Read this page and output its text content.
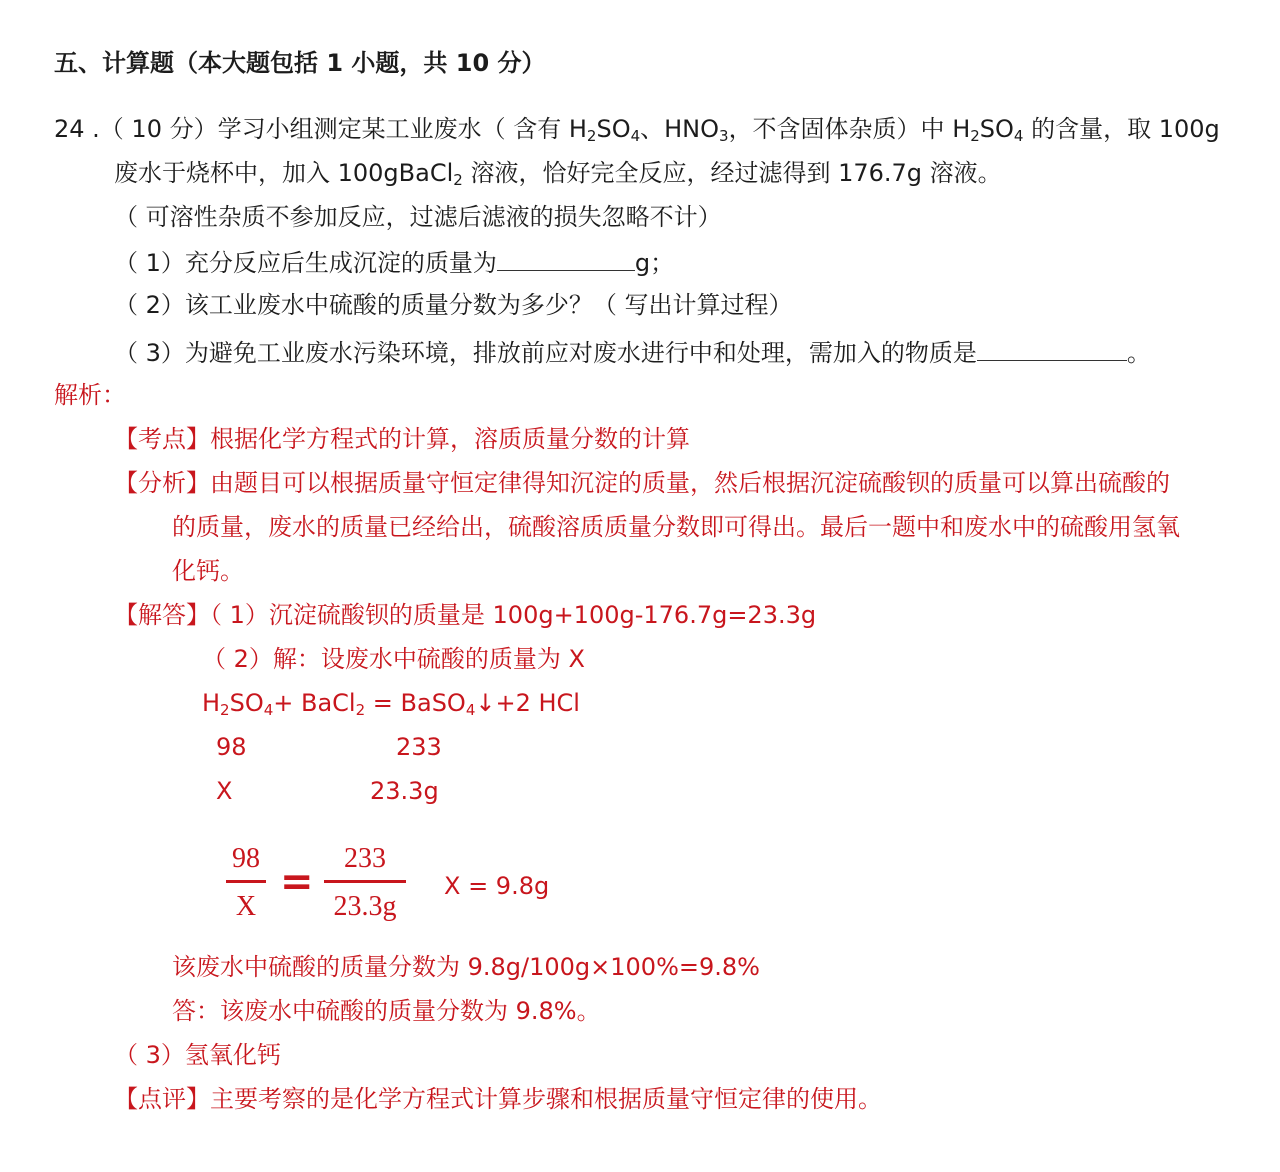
五、计算题（本大题包括 1 小题，共 10 分）
24 .（ 10 分）学习小组测定某工业废水（ 含有 $H_2SO_4$、$HNO_3$，不含固体杂质）中 $H_2SO_4$ 的含量，取 100g
废水于烧杯中，加入 100gBaCl$_2$ 溶液，恰好完全反应，经过滤得到 176.7g 溶液。
（ 可溶性杂质不参加反应，过滤后滤液的损失忽略不计）
（ 1）充分反应后生成沉淀的质量为	g；
（ 2）该工业废水中硫酸的质量分数为多少？（ 写出计算过程）
（ 3）为避免工业废水污染环境，排放前应对废水进行中和处理，需加入的物质是	。
解析：
【考点】根据化学方程式的计算，溶质质量分数的计算
【分析】由题目可以根据质量守恒定律得知沉淀的质量，然后根据沉淀硫酸钡的质量可以算出硫酸的
的质量，废水的质量已经给出，硫酸溶质质量分数即可得出。最后一题中和废水中的硫酸用氢氧
化钙。
【解答】（ 1）沉淀硫酸钡的质量是 100g+100g-176.7g=23.3g
（ 2）解：设废水中硫酸的质量为 X
$H_2SO_4+$ BaCl$_2$ = BaSO$_4$↓+2 HCl
98	233
X	23.3g
98
X
=
233
23.3g
X = 9.8g
该废水中硫酸的质量分数为 9.8g/100g×100%=9.8%
答：该废水中硫酸的质量分数为 9.8%。
（ 3）氢氧化钙
【点评】主要考察的是化学方程式计算步骤和根据质量守恒定律的使用。
